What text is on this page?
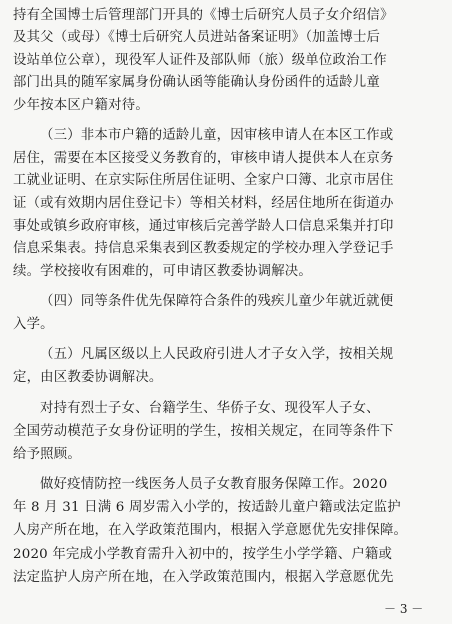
持有全国博士后管理部门开具的《博士后研究人员子女介绍信》
及其父（或母）《博士后研究人员进站备案证明》（加盖博士后
设站单位公章），现役军人证件及部队师（旅）级单位政治工作
部门出具的随军家属身份确认函等能确认身份函件的适龄儿童
少年按本区户籍对待。
（三）非本市户籍的适龄儿童，因审核申请人在本区工作或
居住，需要在本区接受义务教育的，审核申请人提供本人在京务
工就业证明、在京实际住所居住证明、全家户口簿、北京市居住
证（或有效期内居住登记卡）等相关材料，经居住地所在街道办
事处或镇乡政府审核，通过审核后完善学龄人口信息采集并打印
信息采集表。持信息采集表到区教委规定的学校办理入学登记手
续。学校接收有困难的，可申请区教委协调解决。
（四）同等条件优先保障符合条件的残疾儿童少年就近就便
入学。
（五）凡属区级以上人民政府引进人才子女入学，按相关规
定，由区教委协调解决。
对持有烈士子女、台籍学生、华侨子女、现役军人子女、
全国劳动模范子女身份证明的学生，按相关规定，在同等条件下
给予照顾。
做好疫情防控一线医务人员子女教育服务保障工作。2020
年 8 月 31 日满 6 周岁需入小学的，按适龄儿童户籍或法定监护
人房产所在地，在入学政策范围内，根据入学意愿优先安排保障。
2020 年完成小学教育需升入初中的，按学生小学学籍、户籍或
法定监护人房产所在地，在入学政策范围内，根据入学意愿优先
－ 3 －
